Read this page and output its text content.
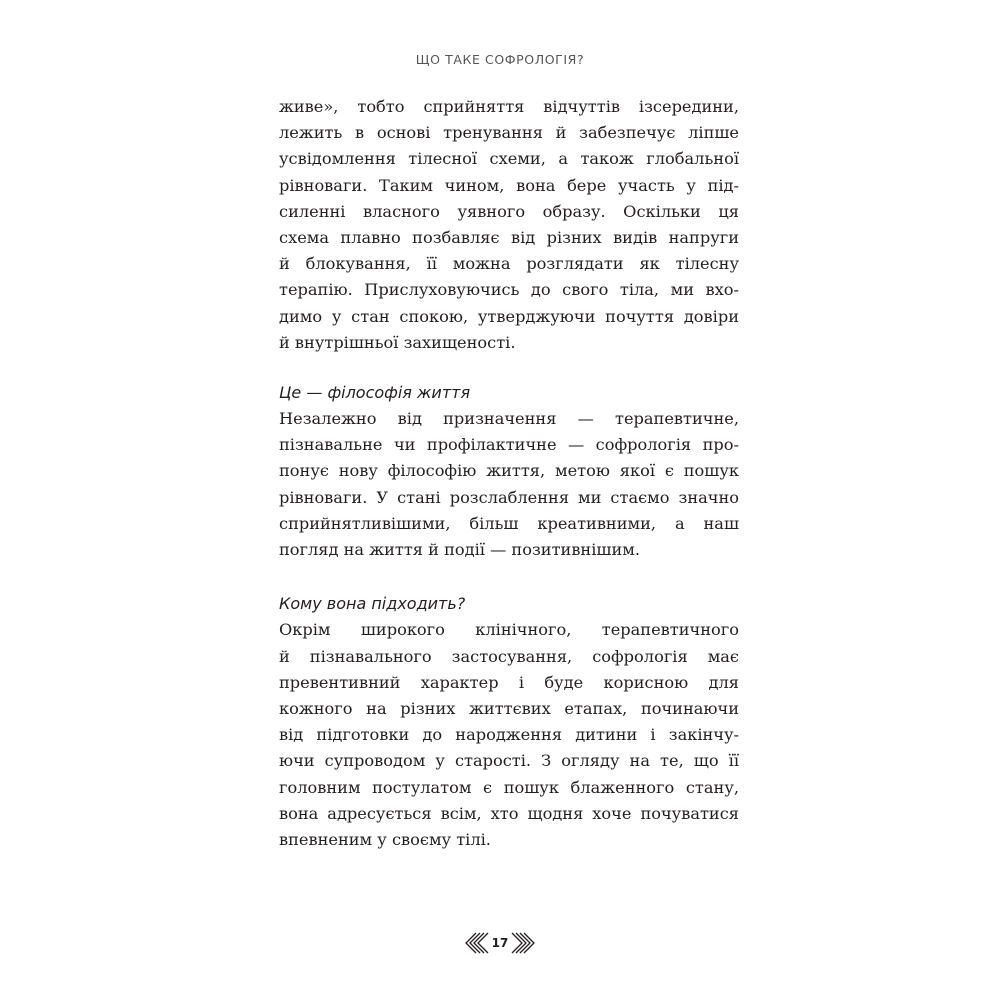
ЩО ТАКЕ СОФРОЛОГІЯ?
живе», тобто сприйняття відчуттів ізсередини,
лежить в основі тренування й забезпечує ліпше
усвідомлення тілесної схеми, а також глобальної
рівноваги. Таким чином, вона бере участь у під-
силенні власного уявного образу. Оскільки ця
схема плавно позбавляє від різних видів напруги
й блокування, її можна розглядати як тілесну
терапію. Прислуховуючись до свого тіла, ми вхо-
димо у стан спокою, утверджуючи почуття довіри
й внутрішньої захищеності.
Це — філософія життя
Незалежно від призначення — терапевтичне,
пізнавальне чи профілактичне — софрологія про-
понує нову філософію життя, метою якої є пошук
рівноваги. У стані розслаблення ми стаємо значно
сприйнятливішими, більш креативними, а наш
погляд на життя й події — позитивнішим.
Кому вона підходить?
Окрім широкого клінічного, терапевтичного
й пізнавального застосування, софрологія має
превентивний характер і буде корисною для
кожного на різних життєвих етапах, починаючи
від підготовки до народження дитини і закінчу-
ючи супроводом у старості. З огляду на те, що її
головним постулатом є пошук блаженного стану,
вона адресується всім, хто щодня хоче почуватися
впевненим у своєму тілі.
17
